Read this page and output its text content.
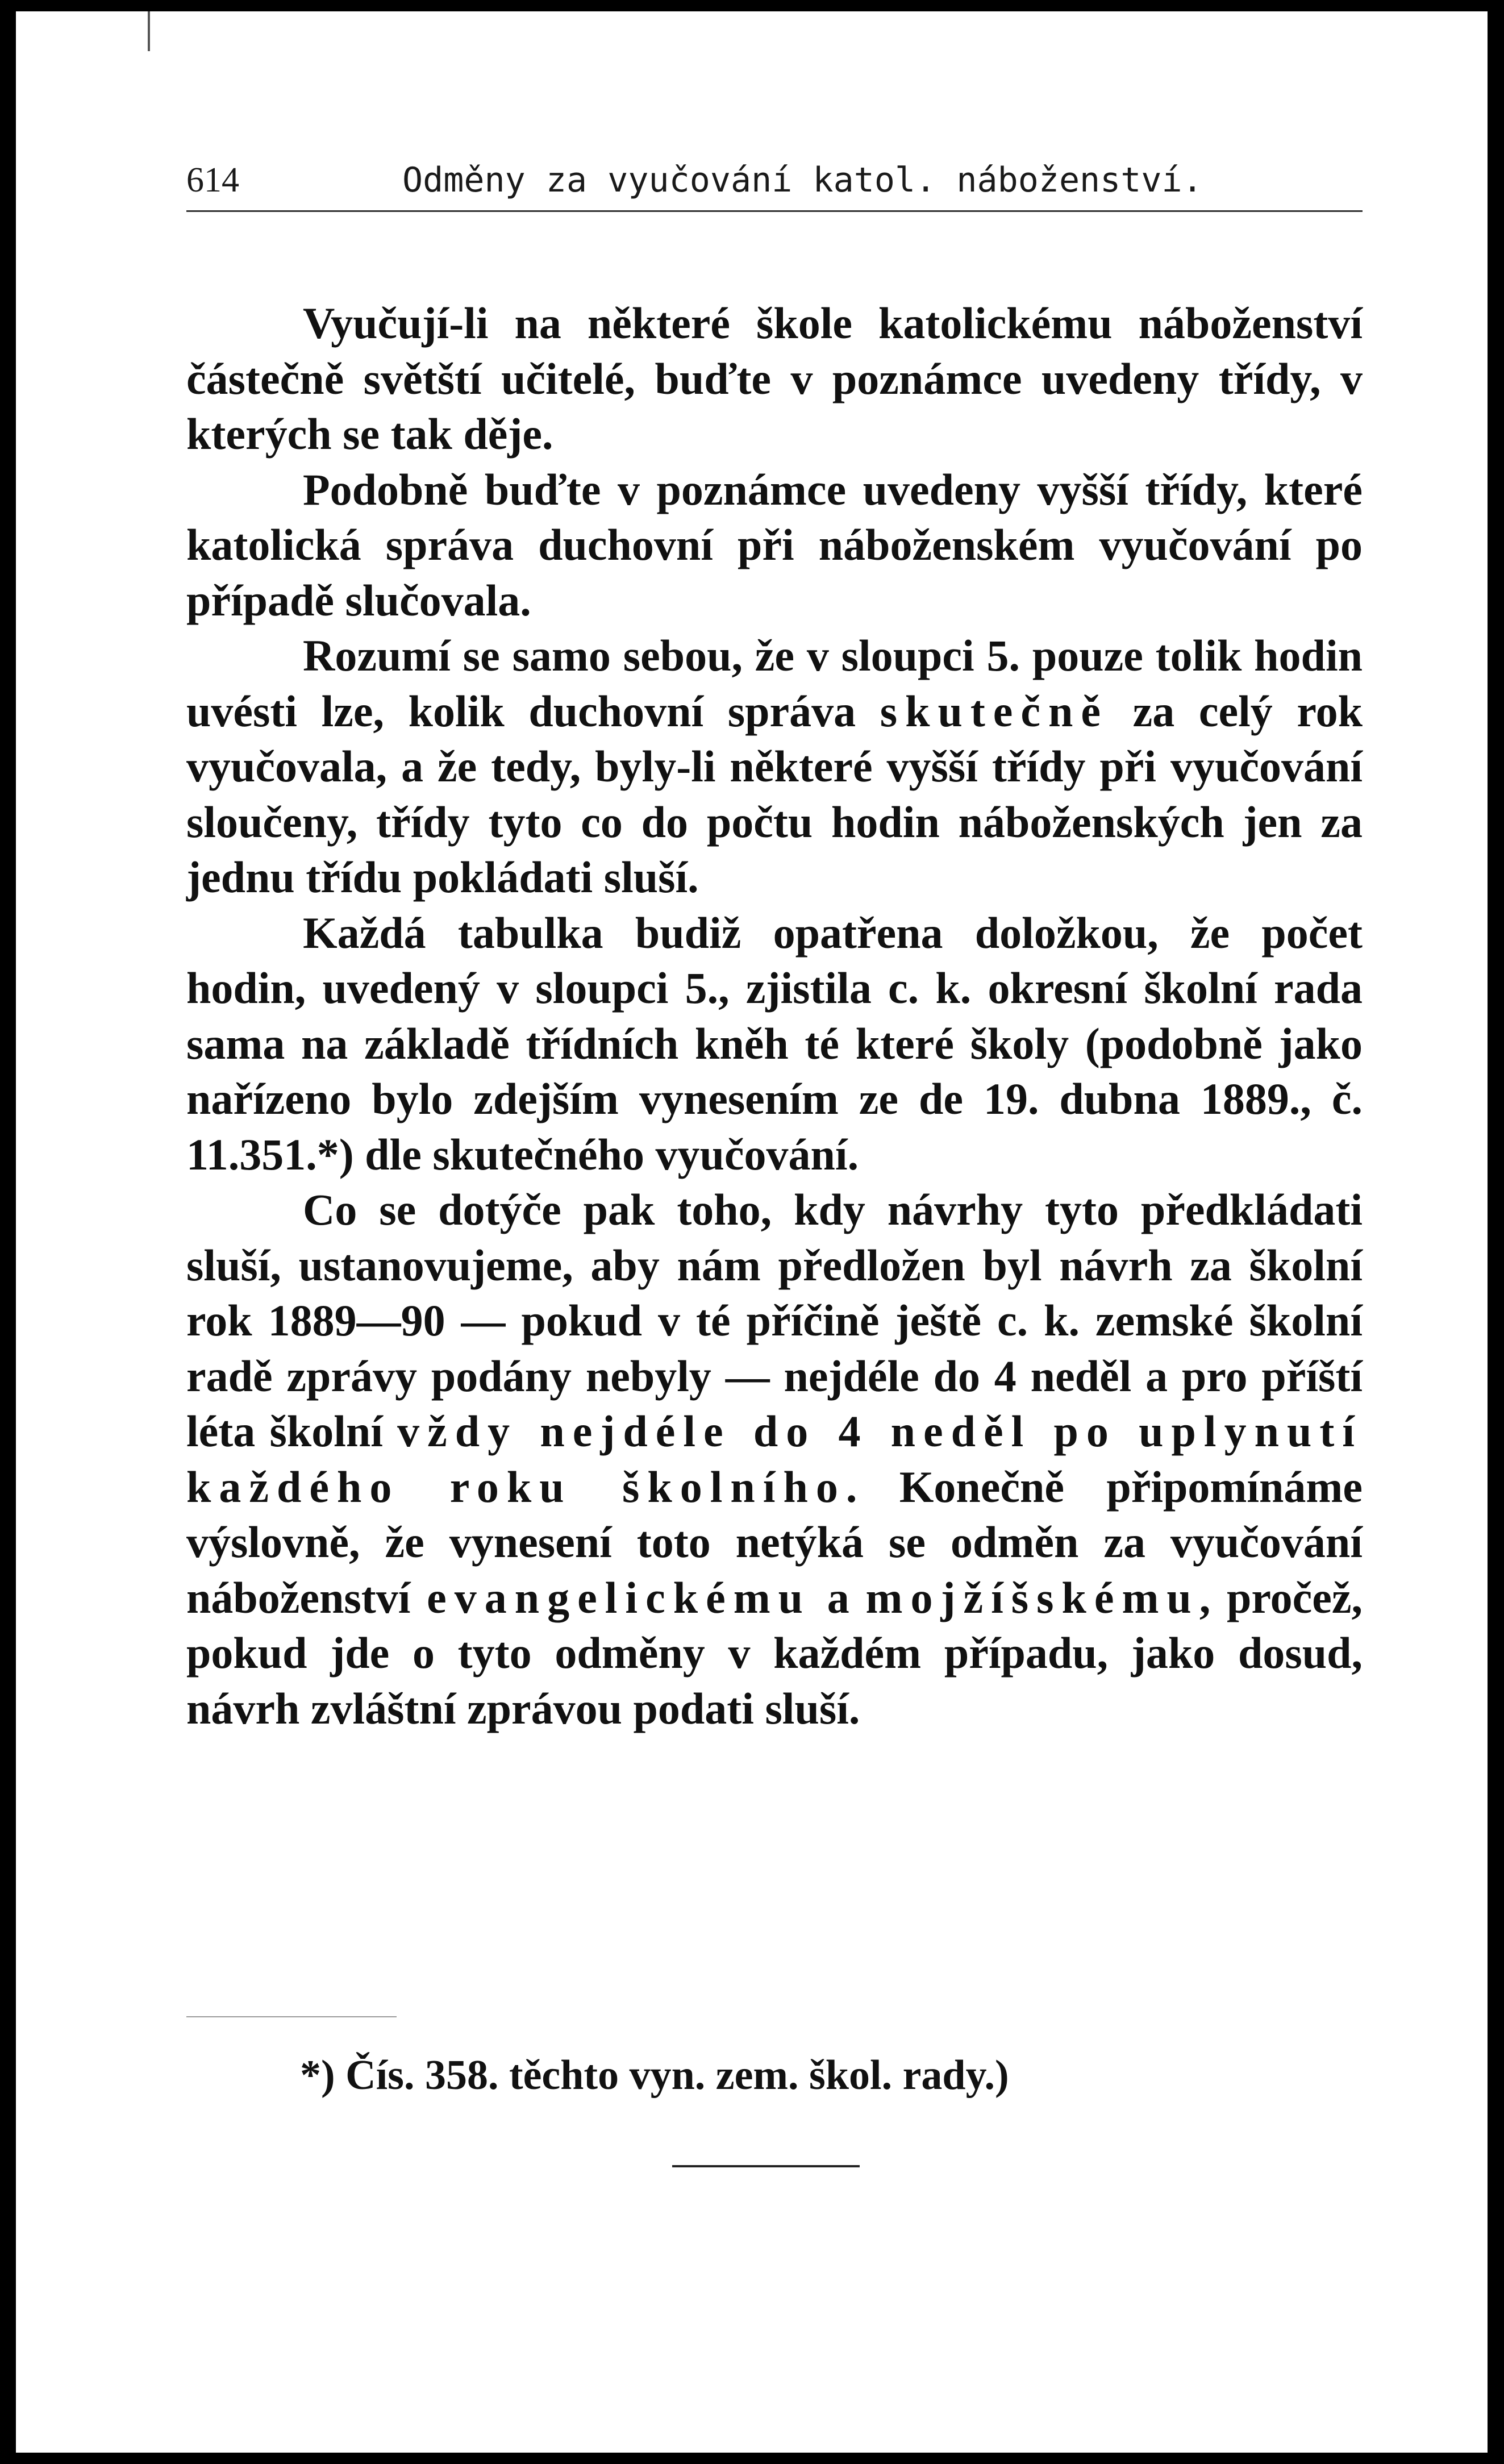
614	Odměny za vyučování katol. náboženství.

Vyučují-li na některé škole katolickému náboženství částečně světští učitelé, buďte v poznámce uvedeny třídy, v kterých se tak děje.

Podobně buďte v poznámce uvedeny vyšší třídy, které katolická správa duchovní při náboženském vyučování po případě slučovala.

Rozumí se samo sebou, že v sloupci 5. pouze tolik hodin uvésti lze, kolik duchovní správa skutečně za celý rok vyučovala, a že tedy, byly-li některé vyšší třídy při vyučování sloučeny, třídy tyto co do počtu hodin náboženských jen za jednu třídu pokládati sluší.

Každá tabulka budiž opatřena doložkou, že počet hodin, uvedený v sloupci 5., zjistila c. k. okresní školní rada sama na základě třídních kněh té které školy (podobně jako nařízeno bylo zdejším vynesením ze de 19. dubna 1889., č. 11.351.*) dle skutečného vyučování.

Co se dotýče pak toho, kdy návrhy tyto předkládati sluší, ustanovujeme, aby nám předložen byl návrh za školní rok 1889—90 — pokud v té příčině ještě c. k. zemské školní radě zprávy podány nebyly — nejdéle do 4 neděl a pro příští léta školní vždy nejdéle do 4 neděl po uplynutí každého roku školního. Konečně připomínáme výslovně, že vynesení toto netýká se odměn za vyučování náboženství evangelickému a mojžíšskému, pročež, pokud jde o tyto odměny v každém případu, jako dosud, návrh zvláštní zprávou podati sluší.

*) Čís. 358. těchto vyn. zem. škol. rady.)
